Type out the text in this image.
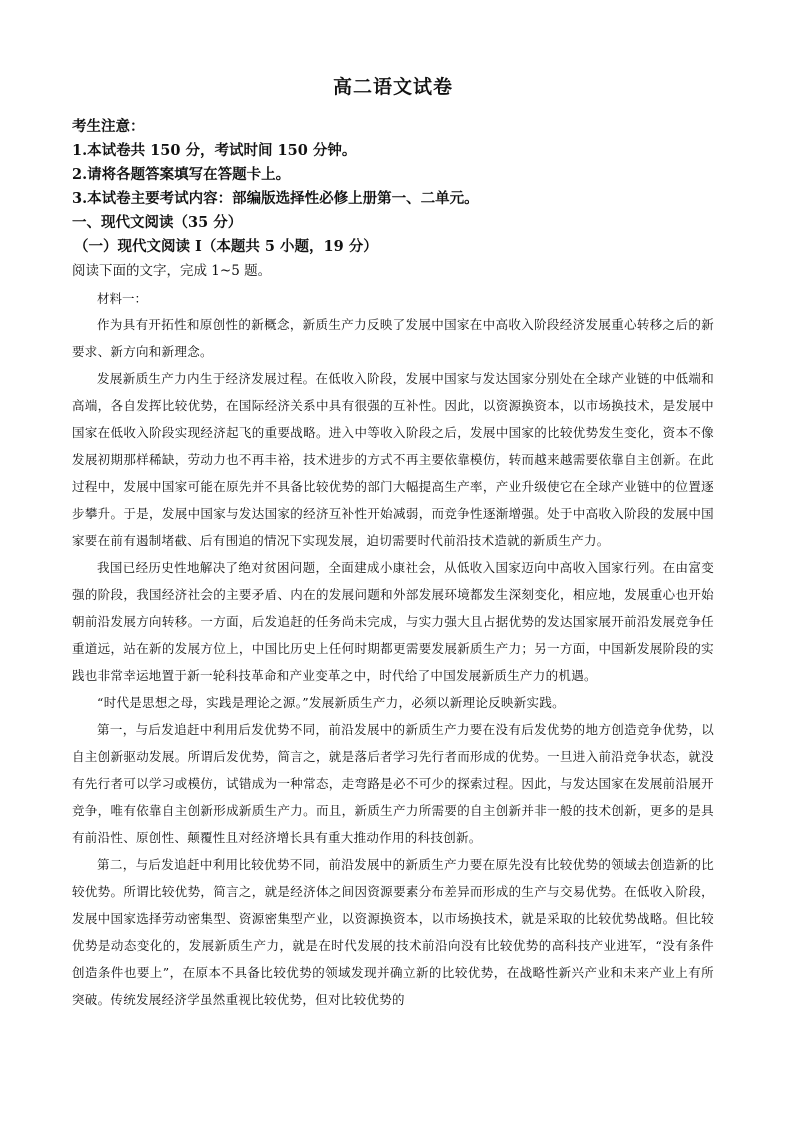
高二语文试卷

考生注意：

1.本试卷共 150 分，考试时间 150 分钟。

2.请将各题答案填写在答题卡上。

3.本试卷主要考试内容：部编版选择性必修上册第一、二单元。

一、现代文阅读（35 分）

（一）现代文阅读 I（本题共 5 小题，19 分）

阅读下面的文字，完成 1~5 题。

材料一：

作为具有开拓性和原创性的新概念，新质生产力反映了发展中国家在中高收入阶段经济发展重心转移之后的新要求、新方向和新理念。

发展新质生产力内生于经济发展过程。在低收入阶段，发展中国家与发达国家分别处在全球产业链的中低端和高端，各自发挥比较优势，在国际经济关系中具有很强的互补性。因此，以资源换资本，以市场换技术，是发展中国家在低收入阶段实现经济起飞的重要战略。进入中等收入阶段之后，发展中国家的比较优势发生变化，资本不像发展初期那样稀缺，劳动力也不再丰裕，技术进步的方式不再主要依靠模仿，转而越来越需要依靠自主创新。在此过程中，发展中国家可能在原先并不具备比较优势的部门大幅提高生产率，产业升级使它在全球产业链中的位置逐步攀升。于是，发展中国家与发达国家的经济互补性开始减弱，而竞争性逐渐增强。处于中高收入阶段的发展中国家要在前有遏制堵截、后有围追的情况下实现发展，迫切需要时代前沿技术造就的新质生产力。

我国已经历史性地解决了绝对贫困问题，全面建成小康社会，从低收入国家迈向中高收入国家行列。在由富变强的阶段，我国经济社会的主要矛盾、内在的发展问题和外部发展环境都发生深刻变化，相应地，发展重心也开始朝前沿发展方向转移。一方面，后发追赶的任务尚未完成，与实力强大且占据优势的发达国家展开前沿发展竞争任重道远，站在新的发展方位上，中国比历史上任何时期都更需要发展新质生产力；另一方面，中国新发展阶段的实践也非常幸运地置于新一轮科技革命和产业变革之中，时代给了中国发展新质生产力的机遇。

“时代是思想之母，实践是理论之源。”发展新质生产力，必须以新理论反映新实践。

第一，与后发追赶中利用后发优势不同，前沿发展中的新质生产力要在没有后发优势的地方创造竞争优势，以自主创新驱动发展。所谓后发优势，简言之，就是落后者学习先行者而形成的优势。一旦进入前沿竞争状态，就没有先行者可以学习或模仿，试错成为一种常态，走弯路是必不可少的探索过程。因此，与发达国家在发展前沿展开竞争，唯有依靠自主创新形成新质生产力。而且，新质生产力所需要的自主创新并非一般的技术创新，更多的是具有前沿性、原创性、颠覆性且对经济增长具有重大推动作用的科技创新。

第二，与后发追赶中利用比较优势不同，前沿发展中的新质生产力要在原先没有比较优势的领域去创造新的比较优势。所谓比较优势，简言之，就是经济体之间因资源要素分布差异而形成的生产与交易优势。在低收入阶段，发展中国家选择劳动密集型、资源密集型产业，以资源换资本，以市场换技术，就是采取的比较优势战略。但比较优势是动态变化的，发展新质生产力，就是在时代发展的技术前沿向没有比较优势的高科技产业进军，“没有条件创造条件也要上”，在原本不具备比较优势的领域发现并确立新的比较优势，在战略性新兴产业和未来产业上有所突破。传统发展经济学虽然重视比较优势，但对比较优势的
